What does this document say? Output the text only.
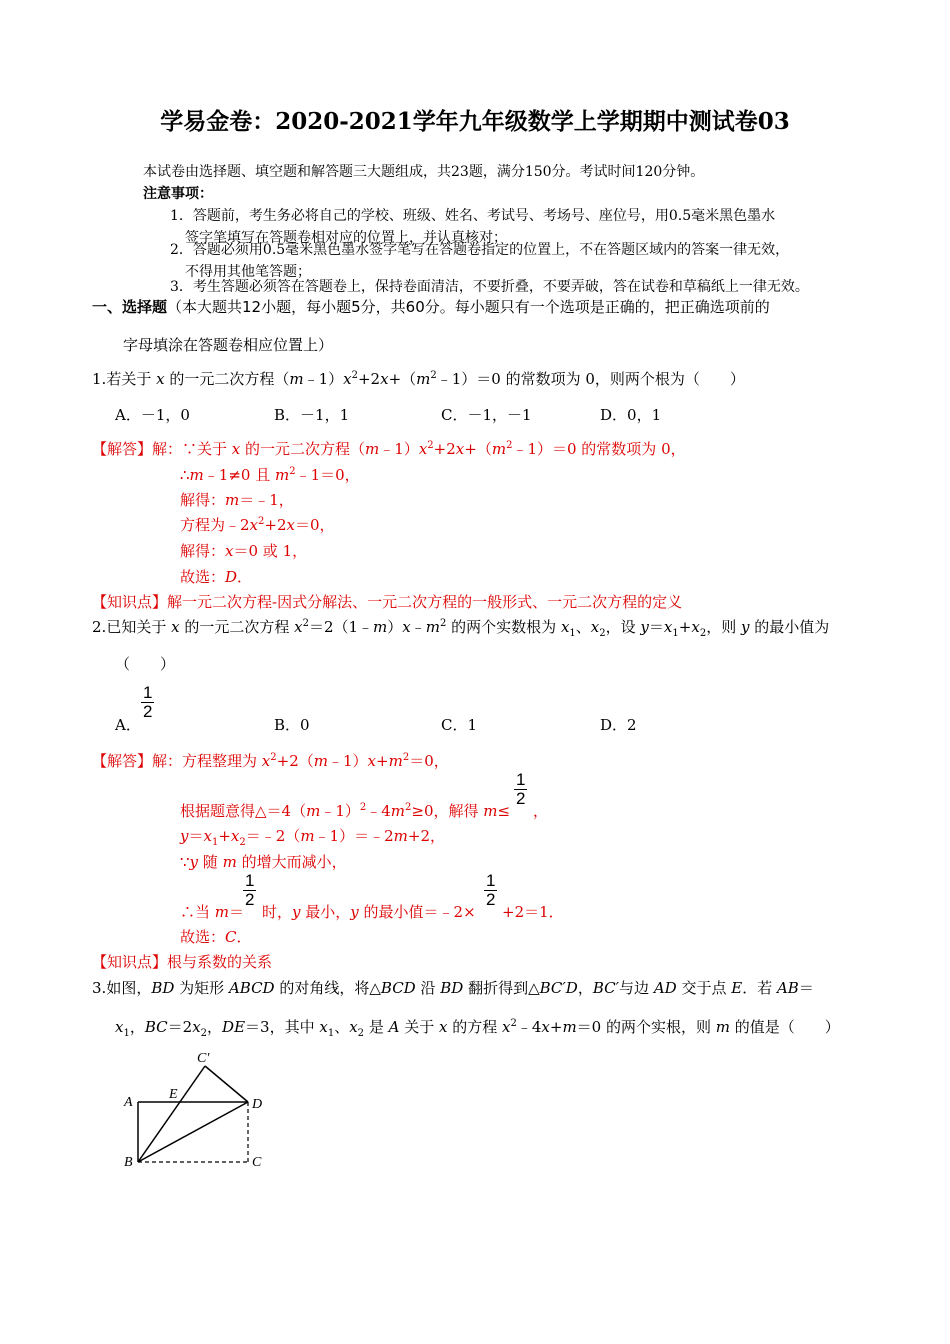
学易金卷：2020-2021学年九年级数学上学期期中测试卷03
本试卷由选择题、填空题和解答题三大题组成，共23题，满分150分。考试时间120分钟。
注意事项：
1．答题前，考生务必将自己的学校、班级、姓名、考试号、考场号、座位号，用0.5毫米黑色墨水
签字笔填写在答题卷相对应的位置上，并认真核对；
2．答题必须用0.5毫米黑色墨水签字笔写在答题卷指定的位置上，不在答题区域内的答案一律无效，
不得用其他笔答题；
3．考生答题必须答在答题卷上，保持卷面清洁，不要折叠，不要弄破，答在试卷和草稿纸上一律无效。
一、选择题（本大题共12小题，每小题5分，共60分。每小题只有一个选项是正确的，把正确选项前的
字母填涂在答题卷相应位置上）
1.若关于 x 的一元二次方程$(m﹣1)x^2+2x+(m^2﹣1)=0$ 的常数项为 0，则两个根为（　　）
A．－1，0	B．－1，1	C．－1，－1	D．0，1
【解答】解：∵关于 x 的一元二次方程$(m﹣1)x^2+2x+(m^2﹣1)=0$ 的常数项为 0，
∴m﹣1≠0 且 $m^2﹣1=0$，
解得：m＝﹣1，
方程为$﹣2x^2+2x=0$，
解得：x＝0 或 1，
故选：D．
【知识点】解一元二次方程-因式分解法、一元二次方程的一般形式、一元二次方程的定义
2.已知关于 x 的一元二次方程 $x^2=2(1﹣m)x﹣m^2$ 的两个实数根为 $x_1$、$x_2$，设 $y=x_1+x_2$，则 y 的最小值为
（　　）
A．
$\frac{1}{2}$
B．0	C．1	D．2
【解答】解：方程整理为 $x^2+2(m﹣1)x+m^2=0$，
根据题意得$\triangle=4(m﹣1)^2﹣4m^2\ge 0$，解得 m≤
$\frac{1}{2}$
，
$y=x_1+x_2=﹣2(m﹣1)=﹣2m+2$，
∵y 随 m 的增大而减小，
∴当 m＝
$\frac{1}{2}$
时，y 最小，y 的最小值＝﹣2×
$\frac{1}{2}$
+2＝1．
故选：C．
【知识点】根与系数的关系
3.如图，BD 为矩形 ABCD 的对角线，将△BCD 沿 BD 翻折得到△BC′D，BC′与边 AD 交于点 E．若 AB＝
$x_1$，$BC=2x_2$，DE＝3，其中 $x_1$、$x_2$ 是 A 关于 x 的方程 $x^2﹣4x+m=0$ 的两个实根，则 m 的值是（　　）
C′
A
E
D
B	C
